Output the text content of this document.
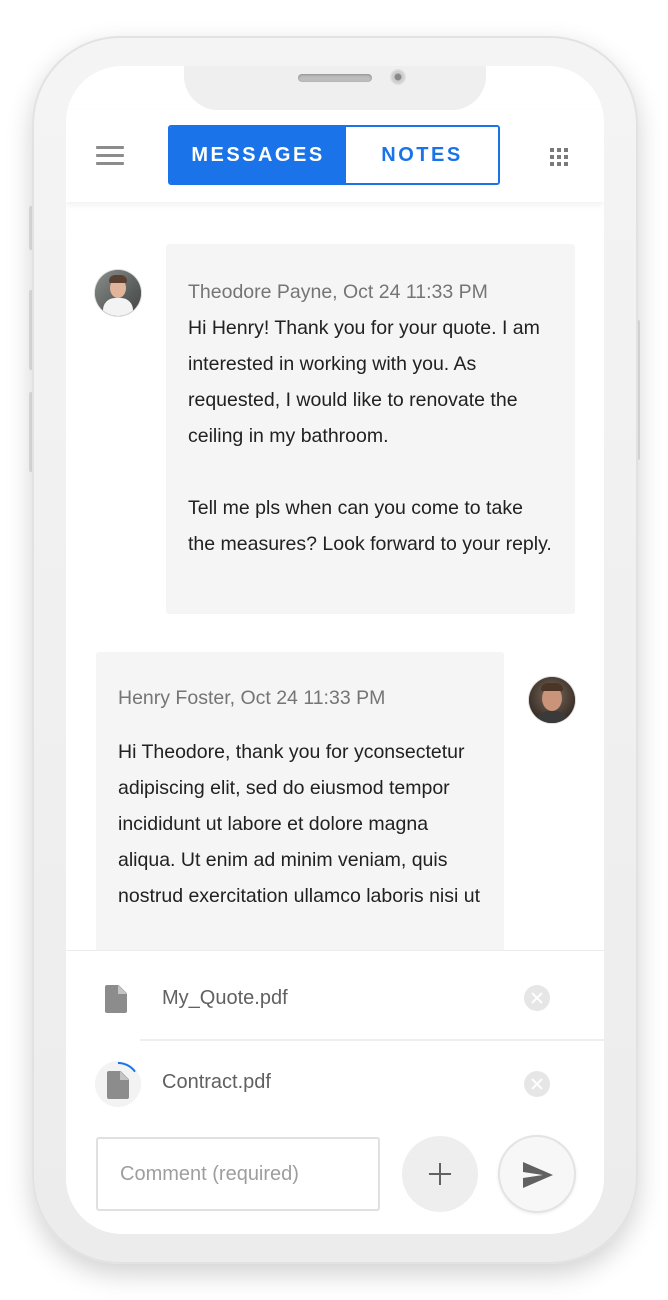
MESSAGES	NOTES
Theodore Payne, Oct 24 11:33 PM

Hi Henry! Thank you for your quote. I am interested in working with you. As requested, I would like to renovate the ceiling in my bathroom.

Tell me pls when can you come to take the measures? Look forward to your reply.

Henry Foster, Oct 24 11:33 PM

Hi Theodore, thank you for yconsectetur adipiscing elit, sed do eiusmod tempor incididunt ut labore et dolore magna aliqua. Ut enim ad minim veniam, quis nostrud exercitation ullamco laboris nisi ut

My_Quote.pdf
Contract.pdf
Comment (required)
